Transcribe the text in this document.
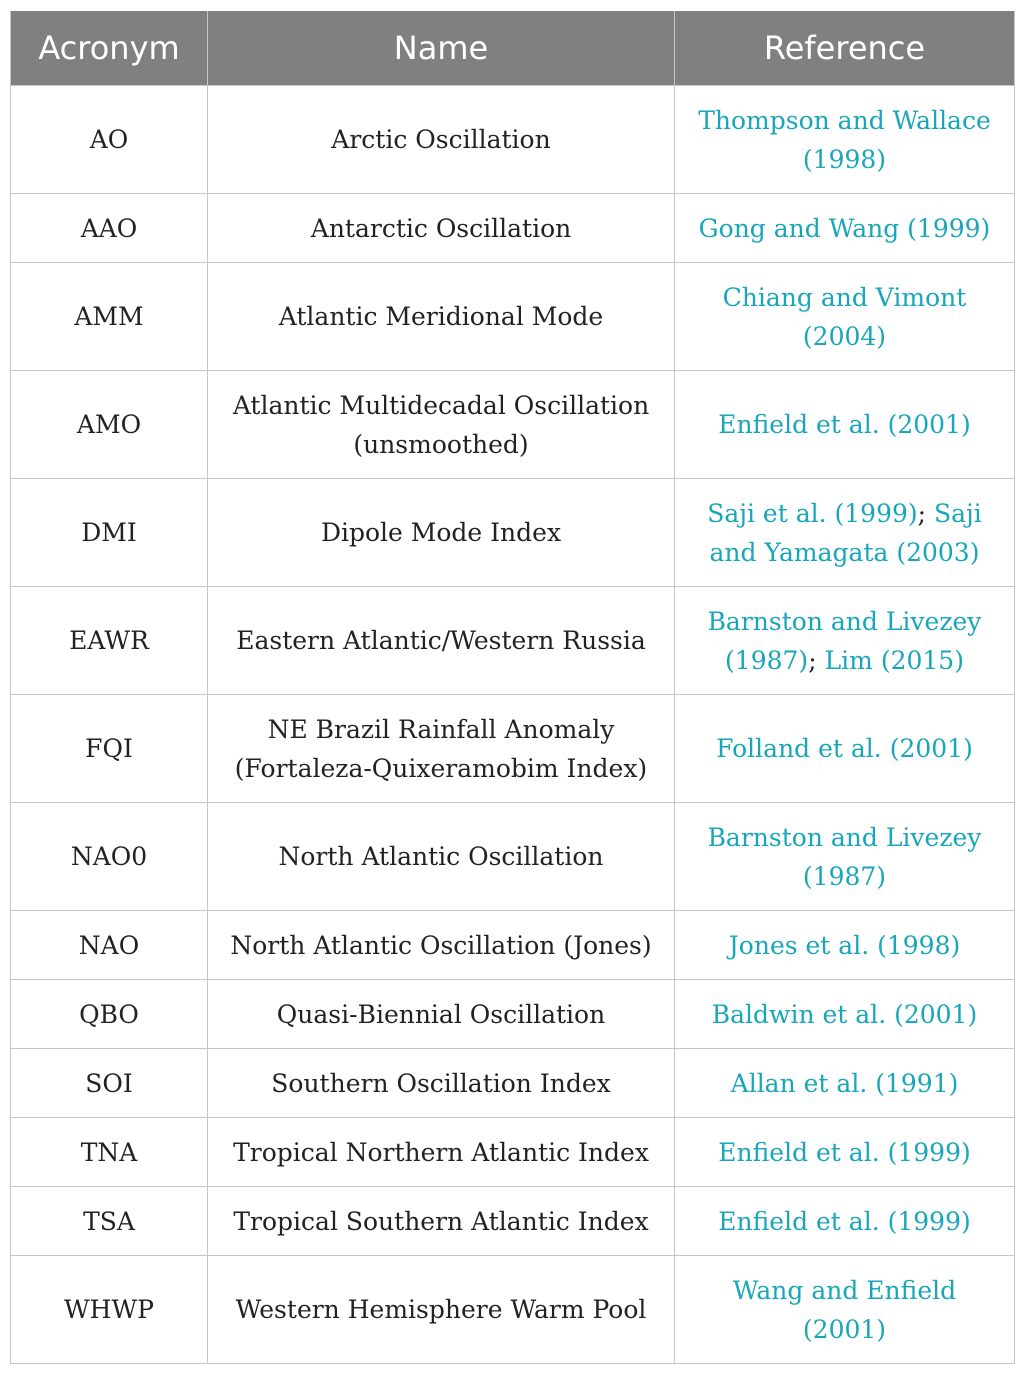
Acronym	Name	Reference
AO	Arctic Oscillation	Thompson and Wallace (1998)
AAO	Antarctic Oscillation	Gong and Wang (1999)
AMM	Atlantic Meridional Mode	Chiang and Vimont (2004)
AMO	Atlantic Multidecadal Oscillation (unsmoothed)	Enfield et al. (2001)
DMI	Dipole Mode Index	Saji et al. (1999); Saji and Yamagata (2003)
EAWR	Eastern Atlantic/Western Russia	Barnston and Livezey (1987); Lim (2015)
FQI	NE Brazil Rainfall Anomaly (Fortaleza-Quixeramobim Index)	Folland et al. (2001)
NAO0	North Atlantic Oscillation	Barnston and Livezey (1987)
NAO	North Atlantic Oscillation (Jones)	Jones et al. (1998)
QBO	Quasi-Biennial Oscillation	Baldwin et al. (2001)
SOI	Southern Oscillation Index	Allan et al. (1991)
TNA	Tropical Northern Atlantic Index	Enfield et al. (1999)
TSA	Tropical Southern Atlantic Index	Enfield et al. (1999)
WHWP	Western Hemisphere Warm Pool	Wang and Enfield (2001)
